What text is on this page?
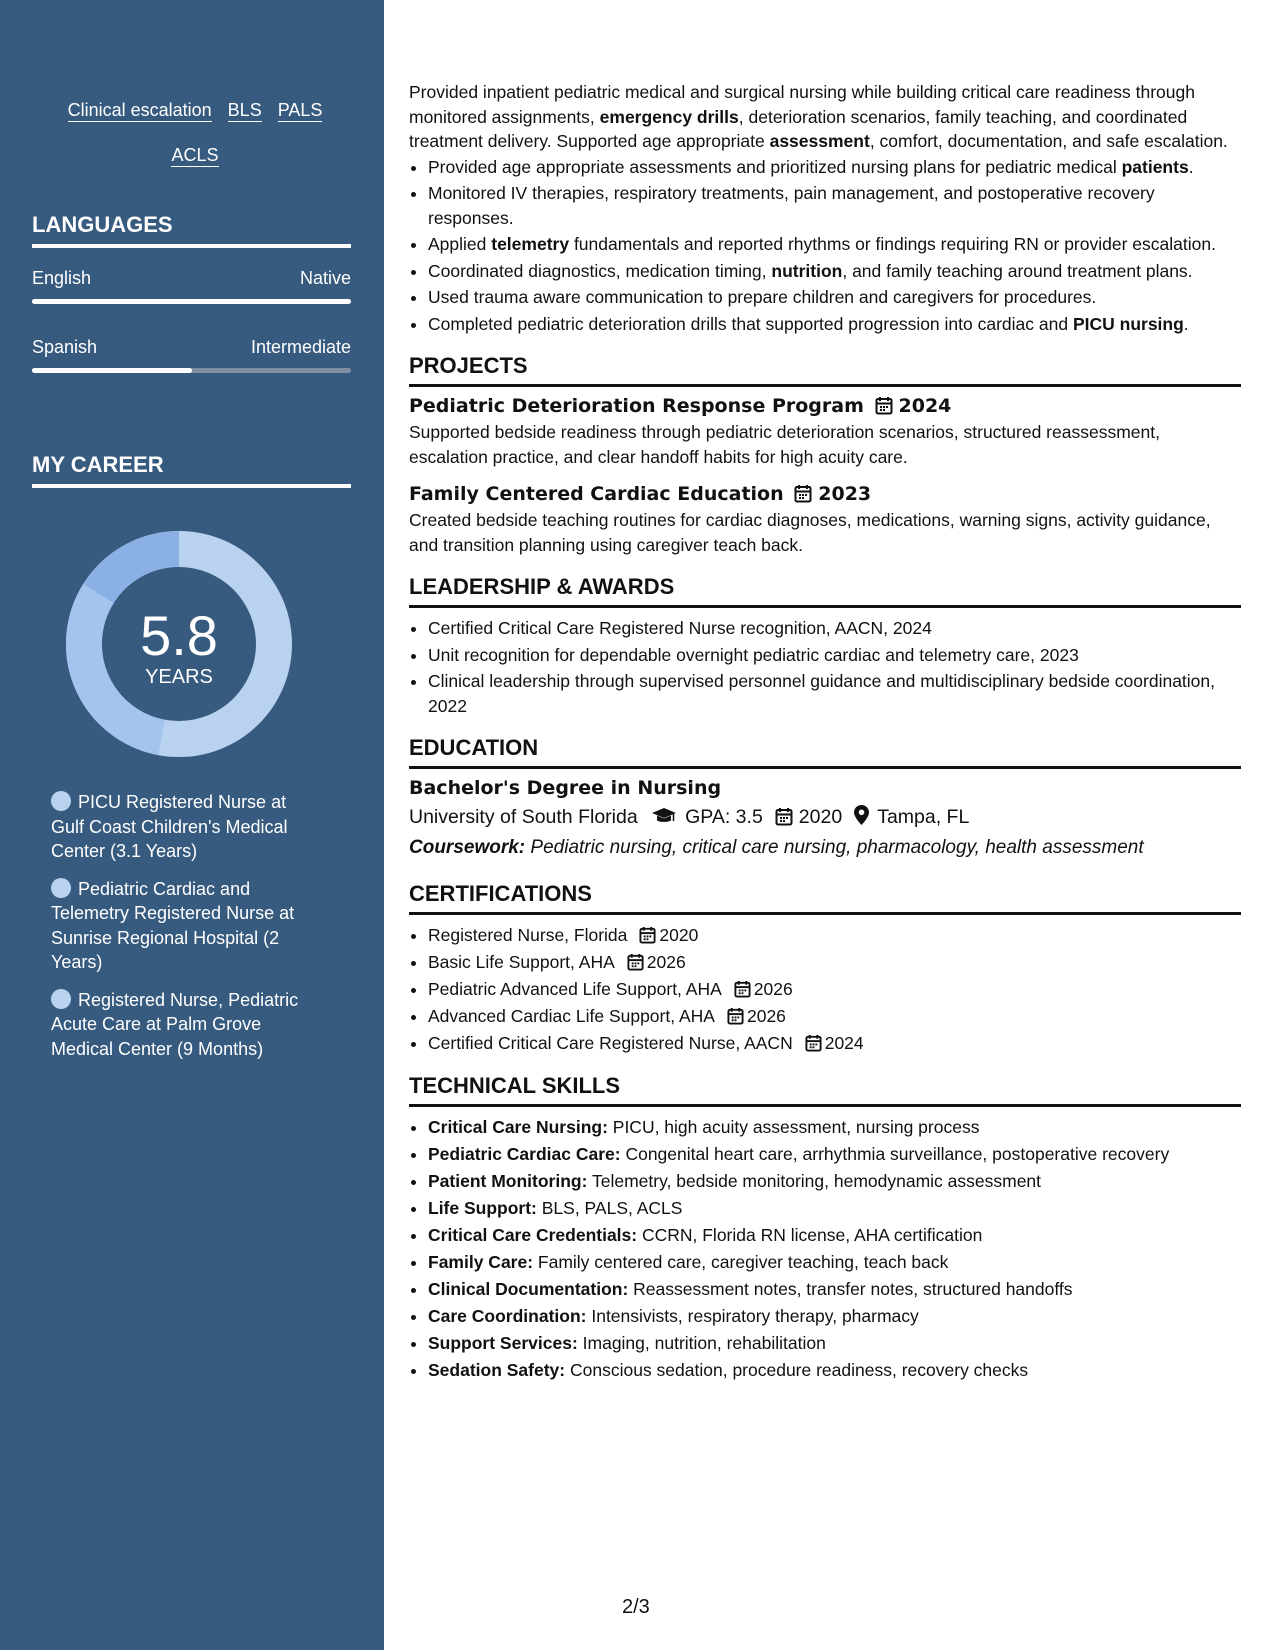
Clinical escalation BLS PALS
ACLS
LANGUAGES
English	Native
Spanish	Intermediate
MY CAREER
5.8
YEARS
PICU Registered Nurse at Gulf Coast Children's Medical Center (3.1 Years)
Pediatric Cardiac and Telemetry Registered Nurse at Sunrise Regional Hospital (2 Years)
Registered Nurse, Pediatric Acute Care at Palm Grove Medical Center (9 Months)

Provided inpatient pediatric medical and surgical nursing while building critical care readiness through monitored assignments, emergency drills, deterioration scenarios, family teaching, and coordinated treatment delivery. Supported age appropriate assessment, comfort, documentation, and safe escalation.

• Provided age appropriate assessments and prioritized nursing plans for pediatric medical patients.
• Monitored IV therapies, respiratory treatments, pain management, and postoperative recovery responses.
• Applied telemetry fundamentals and reported rhythms or findings requiring RN or provider escalation.
• Coordinated diagnostics, medication timing, nutrition, and family teaching around treatment plans.
• Used trauma aware communication to prepare children and caregivers for procedures.
• Completed pediatric deterioration drills that supported progression into cardiac and PICU nursing.
PROJECTS
Pediatric Deterioration Response Program 2024

Supported bedside readiness through pediatric deterioration scenarios, structured reassessment, escalation practice, and clear handoff habits for high acuity care.

Family Centered Cardiac Education 2023

Created bedside teaching routines for cardiac diagnoses, medications, warning signs, activity guidance, and transition planning using caregiver teach back.

LEADERSHIP & AWARDS
• Certified Critical Care Registered Nurse recognition, AACN, 2024
• Unit recognition for dependable overnight pediatric cardiac and telemetry care, 2023
• Clinical leadership through supervised personnel guidance and multidisciplinary bedside coordination, 2022
EDUCATION
Bachelor's Degree in Nursing
University of South Florida GPA: 3.5 2020 Tampa, FL
Coursework: Pediatric nursing, critical care nursing, pharmacology, health assessment
CERTIFICATIONS
• Registered Nurse, Florida 2020
• Basic Life Support, AHA 2026
• Pediatric Advanced Life Support, AHA 2026
• Advanced Cardiac Life Support, AHA 2026
• Certified Critical Care Registered Nurse, AACN 2024
TECHNICAL SKILLS
• Critical Care Nursing: PICU, high acuity assessment, nursing process
• Pediatric Cardiac Care: Congenital heart care, arrhythmia surveillance, postoperative recovery
• Patient Monitoring: Telemetry, bedside monitoring, hemodynamic assessment
• Life Support: BLS, PALS, ACLS
• Critical Care Credentials: CCRN, Florida RN license, AHA certification
• Family Care: Family centered care, caregiver teaching, teach back
• Clinical Documentation: Reassessment notes, transfer notes, structured handoffs
• Care Coordination: Intensivists, respiratory therapy, pharmacy
• Support Services: Imaging, nutrition, rehabilitation
• Sedation Safety: Conscious sedation, procedure readiness, recovery checks
2/3
